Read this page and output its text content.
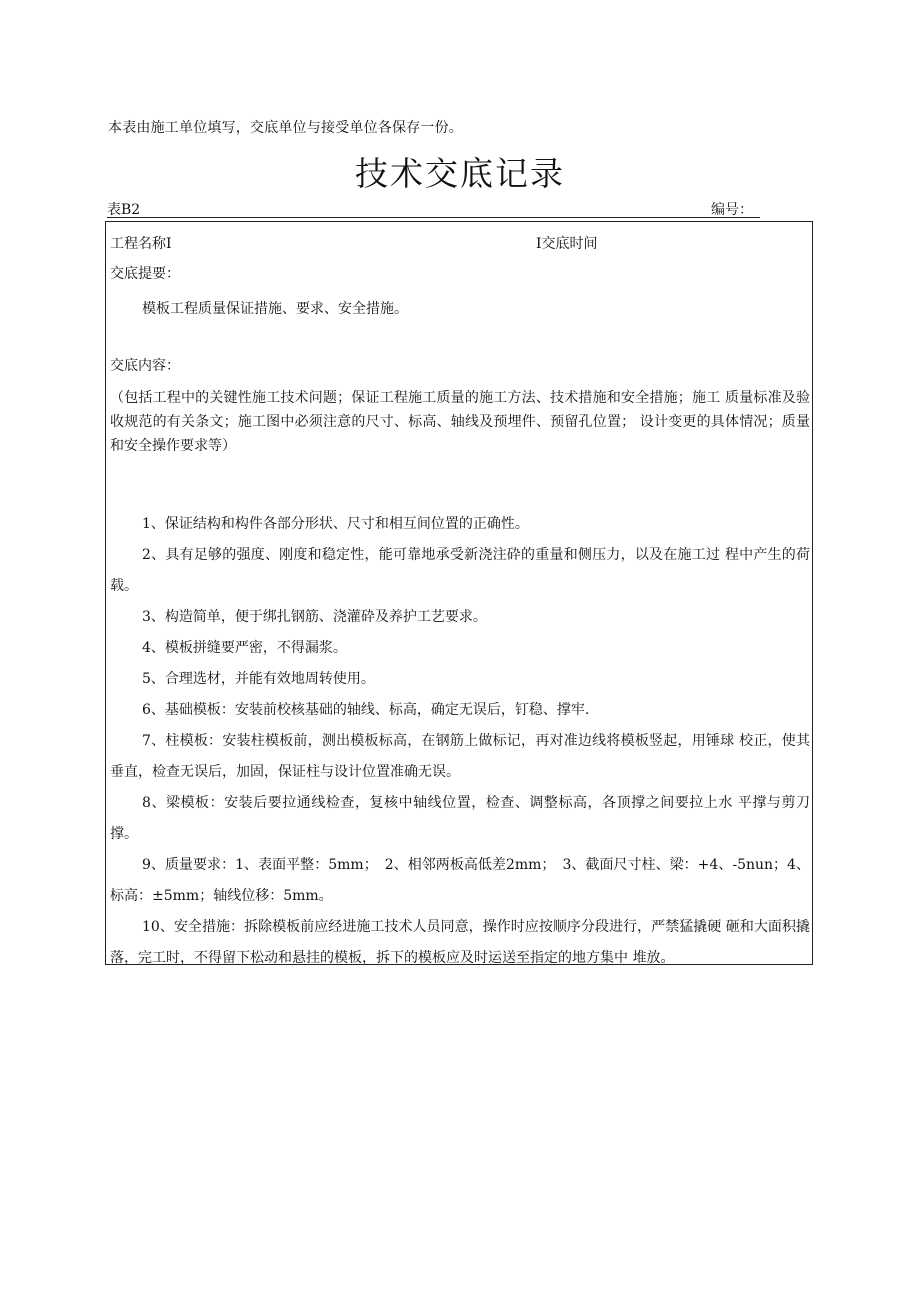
本表由施工单位填写，交底单位与接受单位各保存一份。
技术交底记录
表B2	编号：
工程名称I	I交底时间
交底提要：
模板工程质量保证措施、要求、安全措施。
交底内容：
（包括工程中的关键性施工技术问题；保证工程施工质量的施工方法、技术措施和安全措施；施工 质量标准及验收规范的有关条文；施工图中必须注意的尺寸、标高、轴线及预埋件、预留孔位置； 设计变更的具体情况；质量和安全操作要求等）
1、保证结构和构件各部分形状、尺寸和相互间位置的正确性。
2、具有足够的强度、刚度和稳定性，能可靠地承受新浇注砕的重量和侧压力，以及在施工过 程中产生的荷载。
3、构造简单，便于绑扎钢筋、浇灌砕及养护工艺要求。
4、模板拼缝要严密，不得漏浆。
5、合理选材，并能有效地周转使用。
6、基础模板：安装前校核基础的轴线、标高，确定无误后，钉稳、撑牢.
7、柱模板：安装柱模板前，测出模板标高，在钢筋上做标记，再对准边线将模板竖起，用锤球 校正，使其垂直，检查无误后，加固，保证柱与设计位置准确无误。
8、梁模板：安装后要拉通线检查，复核中轴线位置，检查、调整标高，各顶撑之间要拉上水 平撑与剪刀撑。
9、质量要求：1、表面平整：5mm；　2、相邻两板高低差2mm；　3、截面尺寸柱、梁：+4、-5nun；4、标高：±5mm；轴线位移：5mm。
10、安全措施：拆除模板前应经进施工技术人员同意，操作时应按顺序分段进行，严禁猛撬硬 砸和大面积撬落，完工时，不得留下松动和悬挂的模板，拆下的模板应及时运送至指定的地方集中 堆放。
